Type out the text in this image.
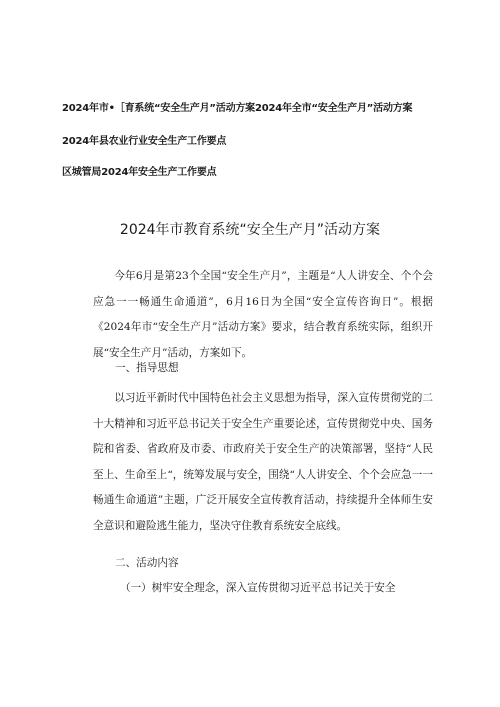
2024年市•［育系统“安全生产月”活动方案2024年全市“安全生产月”活动方案
2024年县农业行业安全生产工作要点
区城管局2024年安全生产工作要点
2024年市教育系统“安全生产月”活动方案
今年6月是第23个全国“安全生产月”，主题是“人人讲安全、个个会应急一一畅通生命通道”，6月16日为全国“安全宣传咨询日”。根据《2024年市“安全生产月”活动方案》要求，结合教育系统实际，组织开展“安全生产月”活动，方案如下。
一、指导思想
以习近平新时代中国特色社会主义思想为指导，深入宣传贯彻党的二十大精神和习近平总书记关于安全生产重要论述，宣传贯彻党中央、国务院和省委、省政府及市委、市政府关于安全生产的决策部署，坚持“人民至上、生命至上“，统筹发展与安全，围绕“人人讲安全、个个会应急一一畅通生命通道”主题，广泛开展安全宣传教育活动，持续提升全体师生安全意识和避险逃生能力，坚决守住教育系统安全底线。
二、活动内容
（一）树牢安全理念，深入宣传贯彻习近平总书记关于安全
